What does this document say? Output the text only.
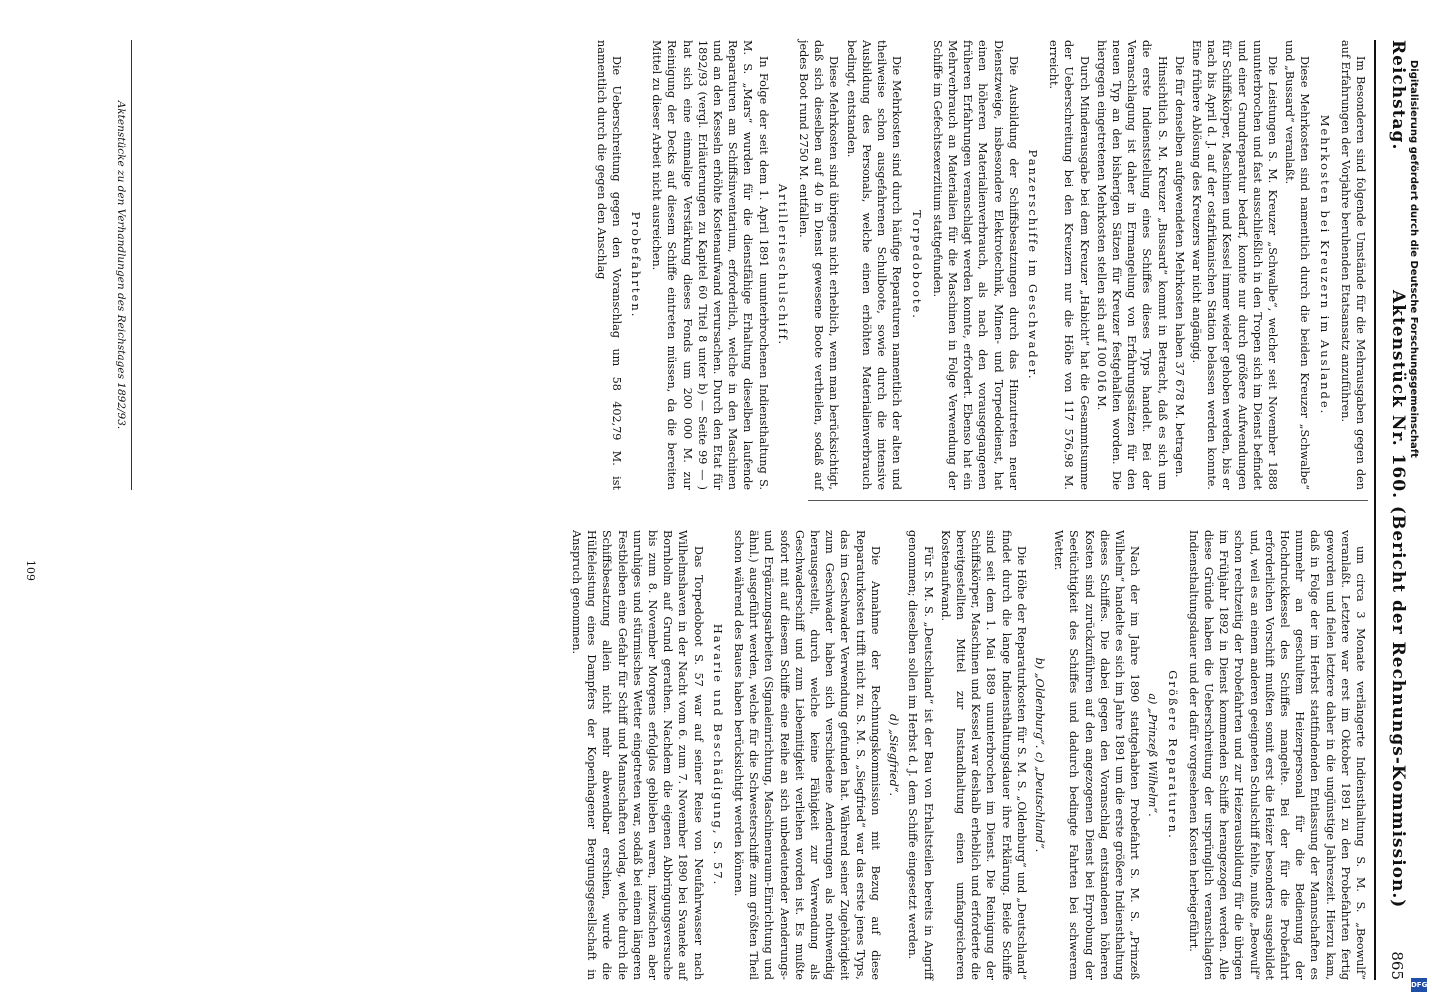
Reichstag.
Aktenstück Nr. 160. (Bericht der Rechnungs-Kommission.)
865

Im Besonderen sind folgende Umstände für die Mehrausgaben gegen den auf Erfahrungen der Vorjahre beruhenden Etatsansatz anzuführen.

Mehrkosten bei Kreuzern im Auslande.

Diese Mehrkosten sind namentlich durch die beiden Kreuzer „Schwalbe“ und „Bussard“ veranlaßt.

Die Leistungen S. M. Kreuzer „Schwalbe“, welcher seit November 1888 ununterbrochen und fast ausschließlich in den Tropen sich im Dienst befindet und einer Grundreparatur bedarf, konnte nur durch größere Aufwendungen für Schiffskörper, Maschinen und Kessel immer wieder gehoben werden, bis er nach bis April d. J. auf der ostafrikanischen Station belassen werden konnte. Eine frühere Ablösung des Kreuzers war nicht angängig.

Die für denselben aufgewendeten Mehrkosten haben 37 678 M. betragen.

Hinsichtlich S. M. Kreuzer „Bussard“ kommt in Betracht, daß es sich um die erste Indienststellung eines Schiffes dieses Typs handelt. Bei der Veranschlagung ist daher in Ermangelung von Erfahrungssätzen für den neuen Typ an den bisherigen Sätzen für Kreuzer festgehalten worden. Die hiergegen eingetretenen Mehrkosten stellen sich auf 100 016 M.

Durch Minderausgabe bei dem Kreuzer „Habicht“ hat die Gesammtsumme der Ueberschreitung bei den Kreuzern nur die Höhe von 117 576,98 M. erreicht.

Panzerschiffe im Geschwader.

Die Ausbildung der Schiffsbesatzungen durch das Hinzutreten neuer Dienstzweige, insbesondere Elektrotechnik, Minen- und Torpedodienst, hat einen höheren Materialienverbrauch, als nach den vorausgegangenen früheren Erfahrungen veranschlagt werden konnte, erfordert. Ebenso hat ein Mehrverbrauch an Materialien für die Maschinen in Folge Verwendung der Schiffe im Gefechtsexerzitium stattgefunden.

Torpedoboote.

Die Mehrkosten sind durch häufige Reparaturen namentlich der alten und theilweise schon ausgefahrenen Schulboote, sowie durch die intensive Ausbildung des Personals, welche einen erhöhten Materialienverbrauch bedingt, entstanden.

Diese Mehrkosten sind übrigens nicht erheblich, wenn man berücksichtigt, daß sich dieselben auf 40 in Dienst gewesene Boote vertheilen, sodaß auf jedes Boot rund 2750 M. entfallen.

Artillerieschulschiff.

In Folge der seit dem 1. April 1891 ununterbrochenen Indiensthaltung S. M. S. „Mars“ wurden für die dienstfähige Erhaltung dieselben laufende Reparaturen am Schiffsinventarium, erforderlich, welche in den Maschinen und an den Kesseln erhöhte Kostenaufwand verursachen. Durch den Etat für 1892/93 (vergl. Erläuterungen zu Kapitel 60 Titel 8 unter b) — Seite 99 — ) hat sich eine einmalige Verstärkung dieses Fonds um 200 000 M. zur Reinigung der Decks auf diesem Schiffe eintreten müssen, da die bereiten Mittel zu dieser Arbeit nicht ausreichen.

Probefahrten.

Die Ueberschreitung gegen den Voranschlag um 58 402,79 M. ist namentlich durch die gegen den Anschlag

um circa 3 Monate verlängerte Indiensthaltung S. M. S. „Beowulf“ veranlaßt. Letztere war erst im Oktober 1891 zu den Probefahrten fertig geworden und fielen letztere daher in die ungünstige Jahreszeit. Hierzu kam, daß in Folge der im Herbst stattfindenden Entlassung der Mannschaften es nunmehr an geschultem Heizerpersonal für die Bedienung der Hochdruckkessel des Schiffes mangelte. Bei der für die Probefahrt erforderlichen Vorschift mußten somit erst die Heizer besonders ausgebildet und, weil es an einem anderen geeigneten Schulschiff fehlte, mußte „Beowulf“ schon rechtzeitig der Probefahrten und zur Heizerausbildung für die übrigen im Frühjahr 1892 in Dienst kommenden Schiffe herangezogen werden. Alle diese Gründe haben die Ueberschreitung der ursprünglich veranschlagten Indiensthaltungsdauer und der dafür vorgesehenen Kosten herbeigeführt.

Größere Reparaturen.
a) „Prinzeß Wilhelm“.

Nach der im Jahre 1890 stattgehabten Probefahrt S. M. S. „Prinzeß Wilhelm“ handelte es sich im Jahre 1891 um die erste größere Indiensthaltung dieses Schiffes. Die dabei gegen den Voranschlag entstandenen höheren Kosten sind zurückzuführen auf den angezogenen Dienst bei Erprobung der Seetüchtigkeit des Schiffes und dadurch bedingte Fahrten bei schwerem Wetter.

b) „Oldenburg“. c) „Deutschland“.

Die Höhe der Reparaturkosten für S. M. S. „Oldenburg“ und „Deutschland“ findet durch die lange Indiensthaltungsdauer ihre Erklärung. Beide Schiffe sind seit dem 1. Mai 1889 ununterbrochen im Dienst. Die Reinigung der Schiffskörper, Maschinen und Kessel war deshalb erheblich und erforderte die bereitgestellten Mittel zur Instandhaltung einen umfangreicheren Kostenaufwand.

Für S. M. S. „Deutschland“ ist der Bau von Erhaltsteilen bereits in Angriff genommen; dieselben sollen im Herbst d. J. dem Schiffe eingesetzt werden.

d) „Siegfried“.

Die Annahme der Rechnungskommission mit Bezug auf diese Reparaturkosten trifft nicht zu. S. M. S. „Siegfried“ war das erste jenes Typs, das im Geschwader Verwendung gefunden hat. Während seiner Zugehörigkeit zum Geschwader haben sich verschiedene Aenderungen als nothwendig herausgestellt, durch welche keine Fähigkeit zur Verwendung als Geschwaderschiff und zum Liebemitigkeit verliehen worden ist. Es mußte sofort mit auf diesem Schiffe eine Reihe an sich unbedeutender Aenderungs- und Ergänzungsarbeiten (Signaleinrichtung, Maschinenraum-Einrichtung und ähnl.) ausgeführt werden, welche für die Schwesterschiffe zum größten Theil schon während des Baues haben berücksichtigt werden können.

Havarie und Beschädigung, S. 57.

Das Torpedoboot S. 57 war auf seiner Reise von Neufahrwasser nach Wilhelmshaven in der Nacht vom 6. zum 7. November 1890 bei Svaneke auf Bornholm auf Grund gerathen. Nachdem die eigenen Abbringungsversuche bis zum 8. November Morgens erfolglos geblieben waren, inzwischen aber unruhiges und stürmisches Wetter eingetreten war, sodaß bei einem längeren Festbleiben eine Gefahr für Schiff und Mannschaften vorlag, welche durch die Schiffsbesatzung allein nicht mehr abwendbar erschien, wurde die Hülfeleistung eines Dampfers der Kopenhagener Bergungsgesellschaft in Anspruch genommen.

Aktenstücke zu den Verhandlungen des Reichstages 1892/93.
109
Digitalisierung gefördert durch die Deutsche Forschungsgemeinschaft
DFG
